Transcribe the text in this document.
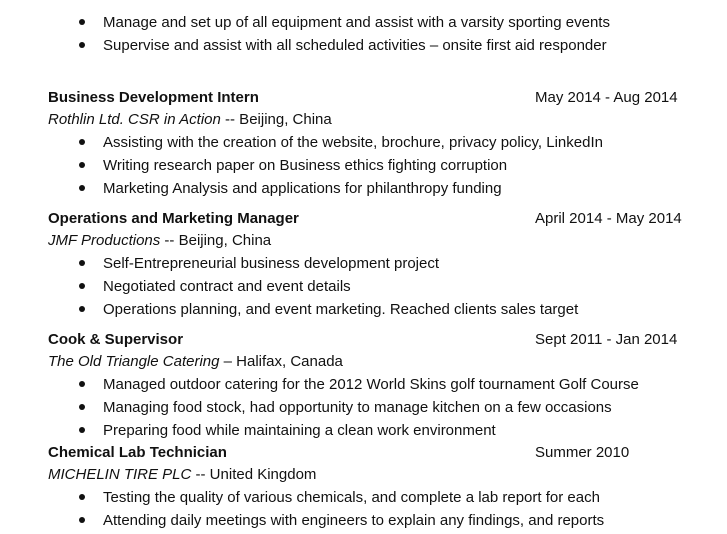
Manage and set up of all equipment and assist with a varsity sporting events
Supervise and assist with all scheduled activities – onsite first aid responder
Business Development Intern	May 2014 - Aug 2014
Rothlin Ltd. CSR in Action -- Beijing, China
Assisting with the creation of the website, brochure, privacy policy, LinkedIn
Writing research paper on Business ethics fighting corruption
Marketing Analysis and applications for philanthropy funding
Operations and Marketing Manager	April 2014 - May 2014
JMF Productions -- Beijing, China
Self-Entrepreneurial business development project
Negotiated contract and event details
Operations planning, and event marketing. Reached clients sales target
Cook & Supervisor	Sept 2011 - Jan 2014
The Old Triangle Catering – Halifax, Canada
Managed outdoor catering for the 2012 World Skins golf tournament Golf Course
Managing food stock, had opportunity to manage kitchen on a few occasions
Preparing food while maintaining a clean work environment
Chemical Lab Technician	Summer 2010
MICHELIN TIRE PLC -- United Kingdom
Testing the quality of various chemicals, and complete a lab report for each
Attending daily meetings with engineers to explain any findings, and reports
